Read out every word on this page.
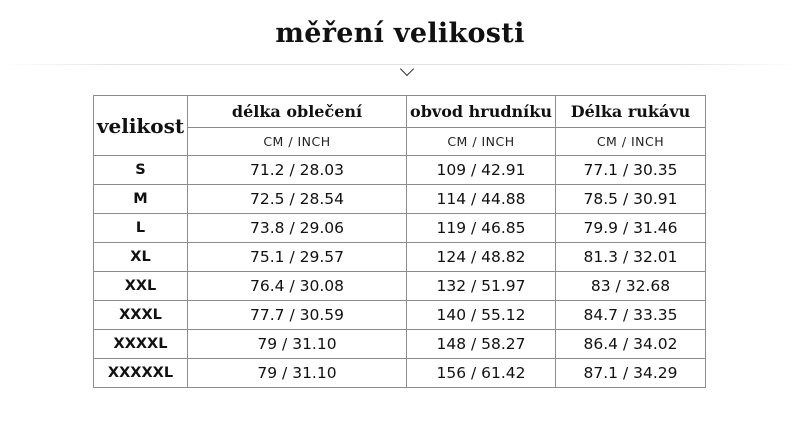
měření velikosti
velikost	délka oblečení	obvod hrudníku	Délka rukávu
	CM / INCH	CM / INCH	CM / INCH
S	71.2 / 28.03	109 / 42.91	77.1 / 30.35
M	72.5 / 28.54	114 / 44.88	78.5 / 30.91
L	73.8 / 29.06	119 / 46.85	79.9 / 31.46
XL	75.1 / 29.57	124 / 48.82	81.3 / 32.01
XXL	76.4 / 30.08	132 / 51.97	83 / 32.68
XXXL	77.7 / 30.59	140 / 55.12	84.7 / 33.35
XXXXL	79 / 31.10	148 / 58.27	86.4 / 34.02
XXXXXL	79 / 31.10	156 / 61.42	87.1 / 34.29
